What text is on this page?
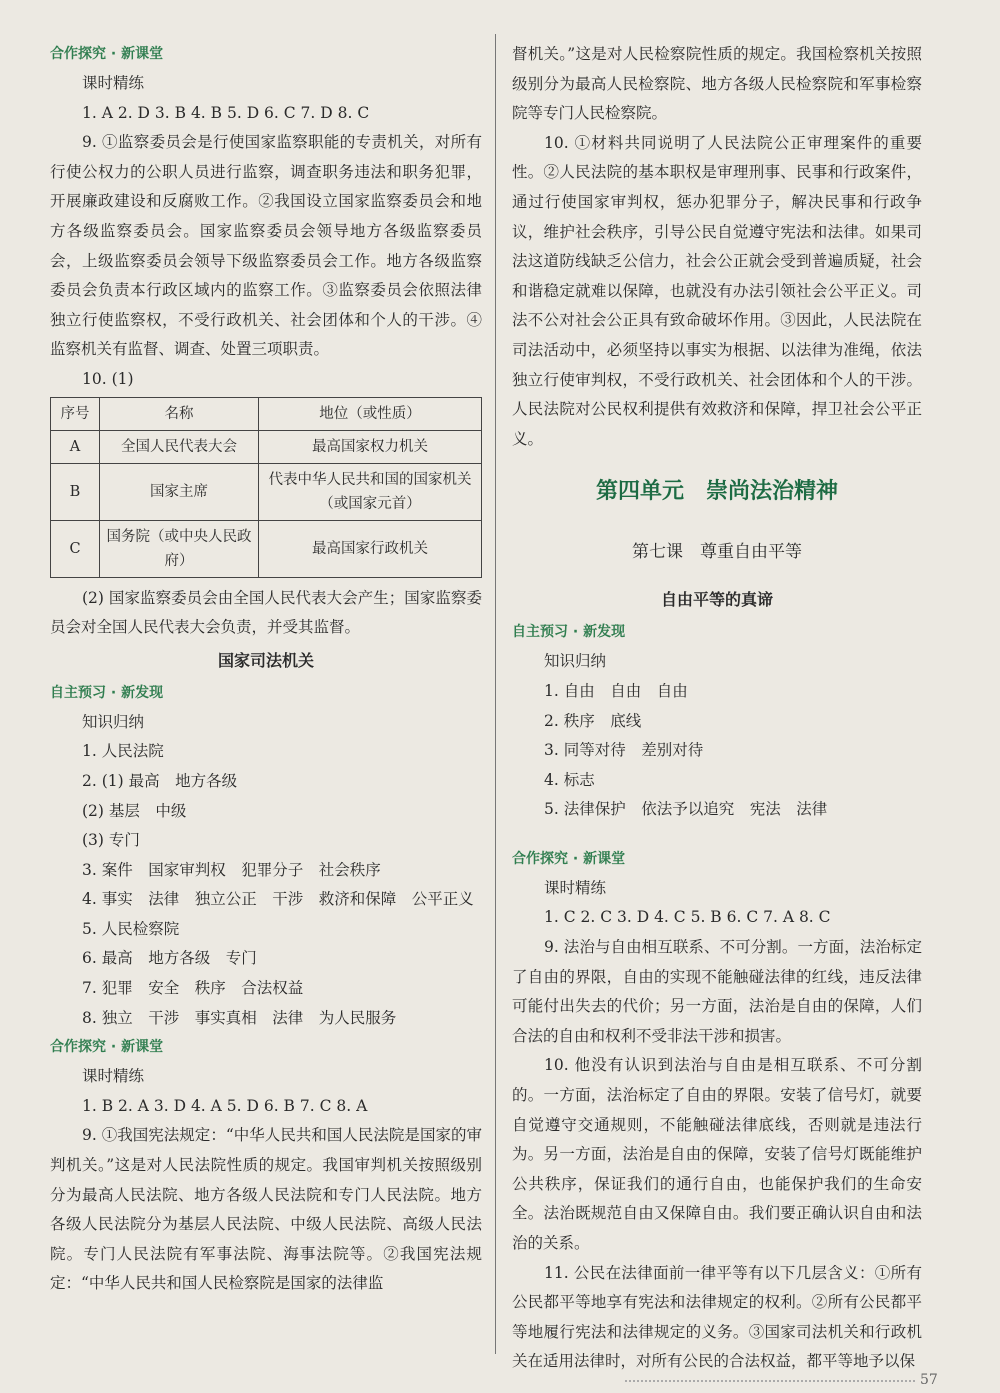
合作探究 · 新课堂
课时精练
1. A 2. D 3. B 4. B 5. D 6. C 7. D 8. C
9. ①监察委员会是行使国家监察职能的专责机关，对所有行使公权力的公职人员进行监察，调查职务违法和职务犯罪，开展廉政建设和反腐败工作。②我国设立国家监察委员会和地方各级监察委员会。国家监察委员会领导地方各级监察委员会，上级监察委员会领导下级监察委员会工作。地方各级监察委员会负责本行政区域内的监察工作。③监察委员会依照法律独立行使监察权，不受行政机关、社会团体和个人的干涉。④监察机关有监督、调查、处置三项职责。
10. (1)
序号	名称	地位（或性质）
A	全国人民代表大会	最高国家权力机关
B	国家主席	代表中华人民共和国的国家机关（或国家元首）
C	国务院（或中央人民政府）	最高国家行政机关
(2) 国家监察委员会由全国人民代表大会产生；国家监察委员会对全国人民代表大会负责，并受其监督。
国家司法机关
自主预习 · 新发现
知识归纳
1. 人民法院
2. (1) 最高　地方各级
(2) 基层　中级
(3) 专门
3. 案件　国家审判权　犯罪分子　社会秩序
4. 事实　法律　独立公正　干涉　救济和保障　公平正义
5. 人民检察院
6. 最高　地方各级　专门
7. 犯罪　安全　秩序　合法权益
8. 独立　干涉　事实真相　法律　为人民服务
合作探究 · 新课堂
课时精练
1. B 2. A 3. D 4. A 5. D 6. B 7. C 8. A
9. ①我国宪法规定：“中华人民共和国人民法院是国家的审判机关。”这是对人民法院性质的规定。我国审判机关按照级别分为最高人民法院、地方各级人民法院和专门人民法院。地方各级人民法院分为基层人民法院、中级人民法院、高级人民法院。专门人民法院有军事法院、海事法院等。②我国宪法规定：“中华人民共和国人民检察院是国家的法律监
督机关。”这是对人民检察院性质的规定。我国检察机关按照级别分为最高人民检察院、地方各级人民检察院和军事检察院等专门人民检察院。
10. ①材料共同说明了人民法院公正审理案件的重要性。②人民法院的基本职权是审理刑事、民事和行政案件，通过行使国家审判权，惩办犯罪分子，解决民事和行政争议，维护社会秩序，引导公民自觉遵守宪法和法律。如果司法这道防线缺乏公信力，社会公正就会受到普遍质疑，社会和谐稳定就难以保障，也就没有办法引领社会公平正义。司法不公对社会公正具有致命破坏作用。③因此，人民法院在司法活动中，必须坚持以事实为根据、以法律为准绳，依法独立行使审判权，不受行政机关、社会团体和个人的干涉。人民法院对公民权利提供有效救济和保障，捍卫社会公平正义。
第四单元　崇尚法治精神
第七课　尊重自由平等
自由平等的真谛
自主预习 · 新发现
知识归纳
1. 自由　自由　自由
2. 秩序　底线
3. 同等对待　差别对待
4. 标志
5. 法律保护　依法予以追究　宪法　法律
合作探究 · 新课堂
课时精练
1. C 2. C 3. D 4. C 5. B 6. C 7. A 8. C
9. 法治与自由相互联系、不可分割。一方面，法治标定了自由的界限，自由的实现不能触碰法律的红线，违反法律可能付出失去的代价；另一方面，法治是自由的保障，人们合法的自由和权利不受非法干涉和损害。
10. 他没有认识到法治与自由是相互联系、不可分割的。一方面，法治标定了自由的界限。安装了信号灯，就要自觉遵守交通规则，不能触碰法律底线，否则就是违法行为。另一方面，法治是自由的保障，安装了信号灯既能维护公共秩序，保证我们的通行自由，也能保护我们的生命安全。法治既规范自由又保障自由。我们要正确认识自由和法治的关系。
11. 公民在法律面前一律平等有以下几层含义：①所有公民都平等地享有宪法和法律规定的权利。②所有公民都平等地履行宪法和法律规定的义务。③国家司法机关和行政机关在适用法律时，对所有公民的合法权益，都平等地予以保
57
